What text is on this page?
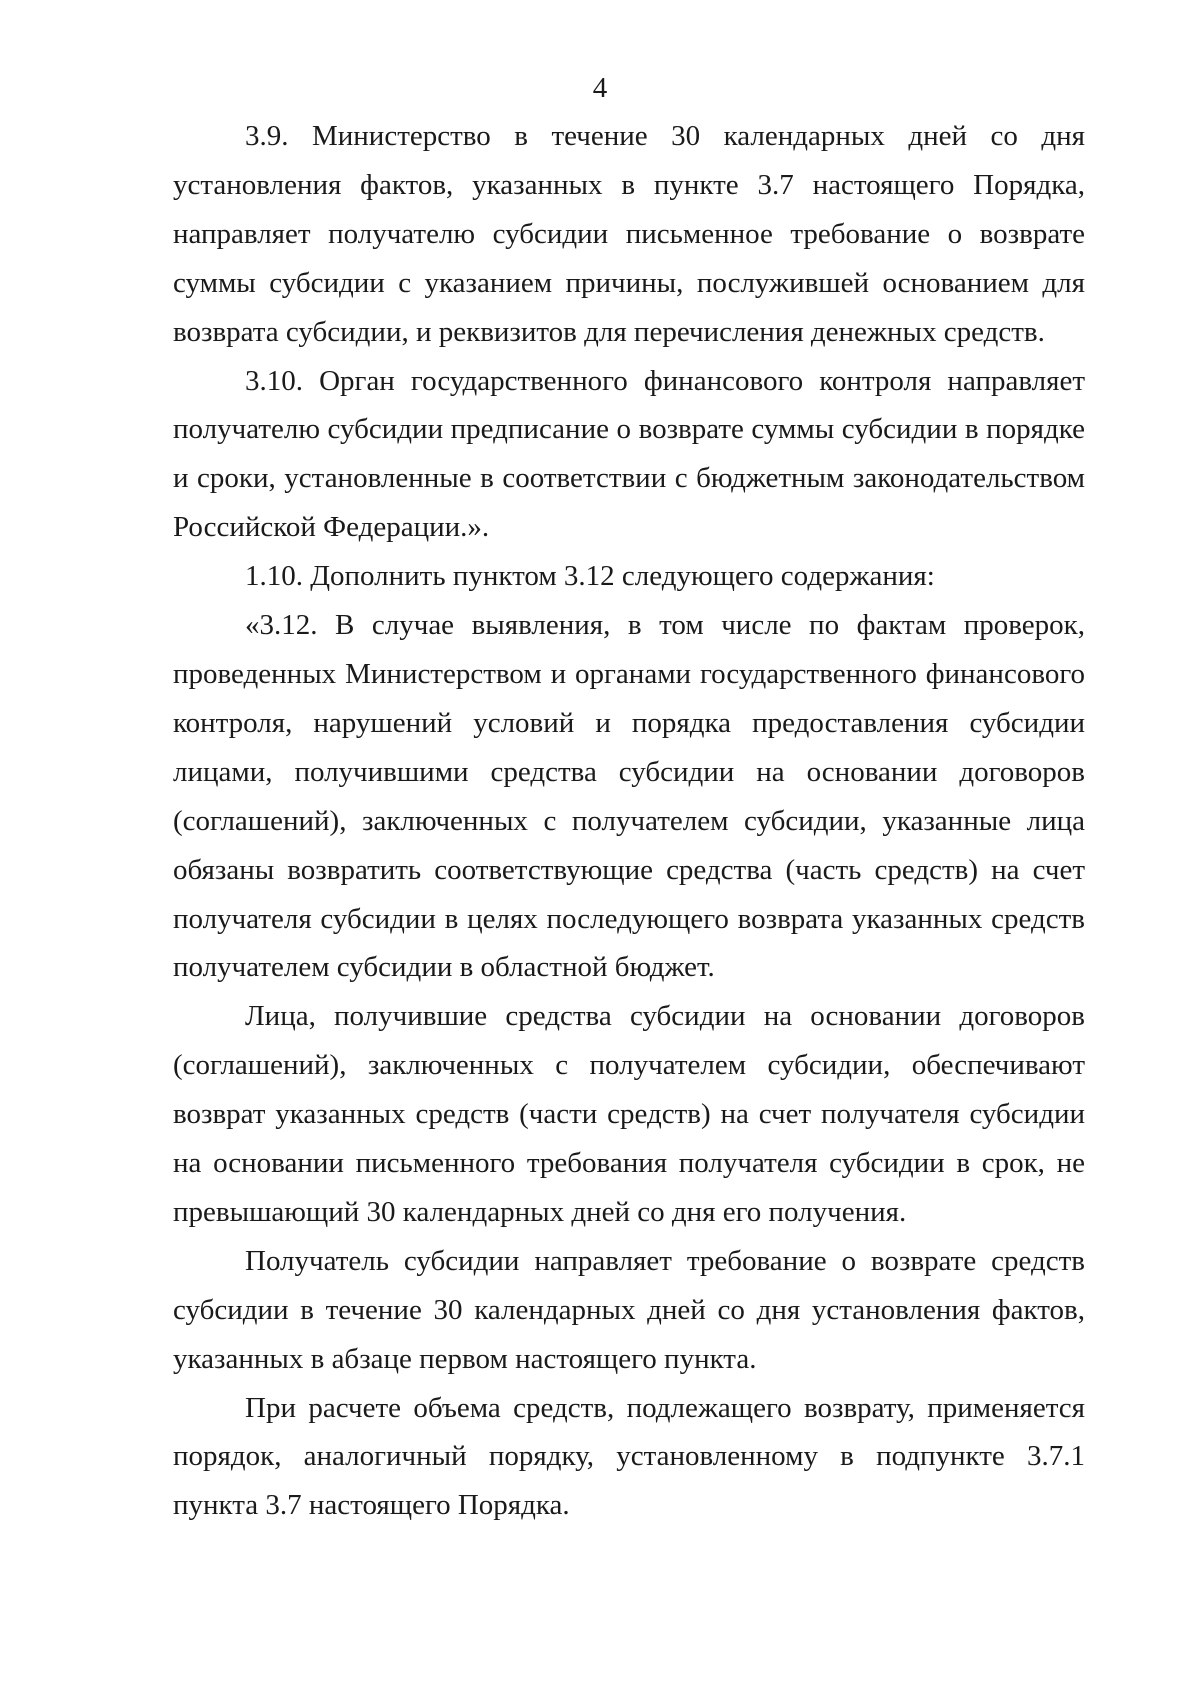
4

3.9. Министерство в течение 30 календарных дней со дня установления фактов, указанных в пункте 3.7 настоящего Порядка, направляет получателю субсидии письменное требование о возврате суммы субсидии с указанием причины, послужившей основанием для возврата субсидии, и реквизитов для перечисления денежных средств.

3.10. Орган государственного финансового контроля направляет получателю субсидии предписание о возврате суммы субсидии в порядке и сроки, установленные в соответствии с бюджетным законодательством Российской Федерации.».

1.10. Дополнить пунктом 3.12 следующего содержания:

«3.12. В случае выявления, в том числе по фактам проверок, проведенных Министерством и органами государственного финансового контроля, нарушений условий и порядка предоставления субсидии лицами, получившими средства субсидии на основании договоров (соглашений), заключенных с получателем субсидии, указанные лица обязаны возвратить соответствующие средства (часть средств) на счет получателя субсидии в целях последующего возврата указанных средств получателем субсидии в областной бюджет.

Лица, получившие средства субсидии на основании договоров (соглашений), заключенных с получателем субсидии, обеспечивают возврат указанных средств (части средств) на счет получателя субсидии на основании письменного требования получателя субсидии в срок, не превышающий 30 календарных дней со дня его получения.

Получатель субсидии направляет требование о возврате средств субсидии в течение 30 календарных дней со дня установления фактов, указанных в абзаце первом настоящего пункта.

При расчете объема средств, подлежащего возврату, применяется порядок, аналогичный порядку, установленному в подпункте 3.7.1 пункта 3.7 настоящего Порядка.
